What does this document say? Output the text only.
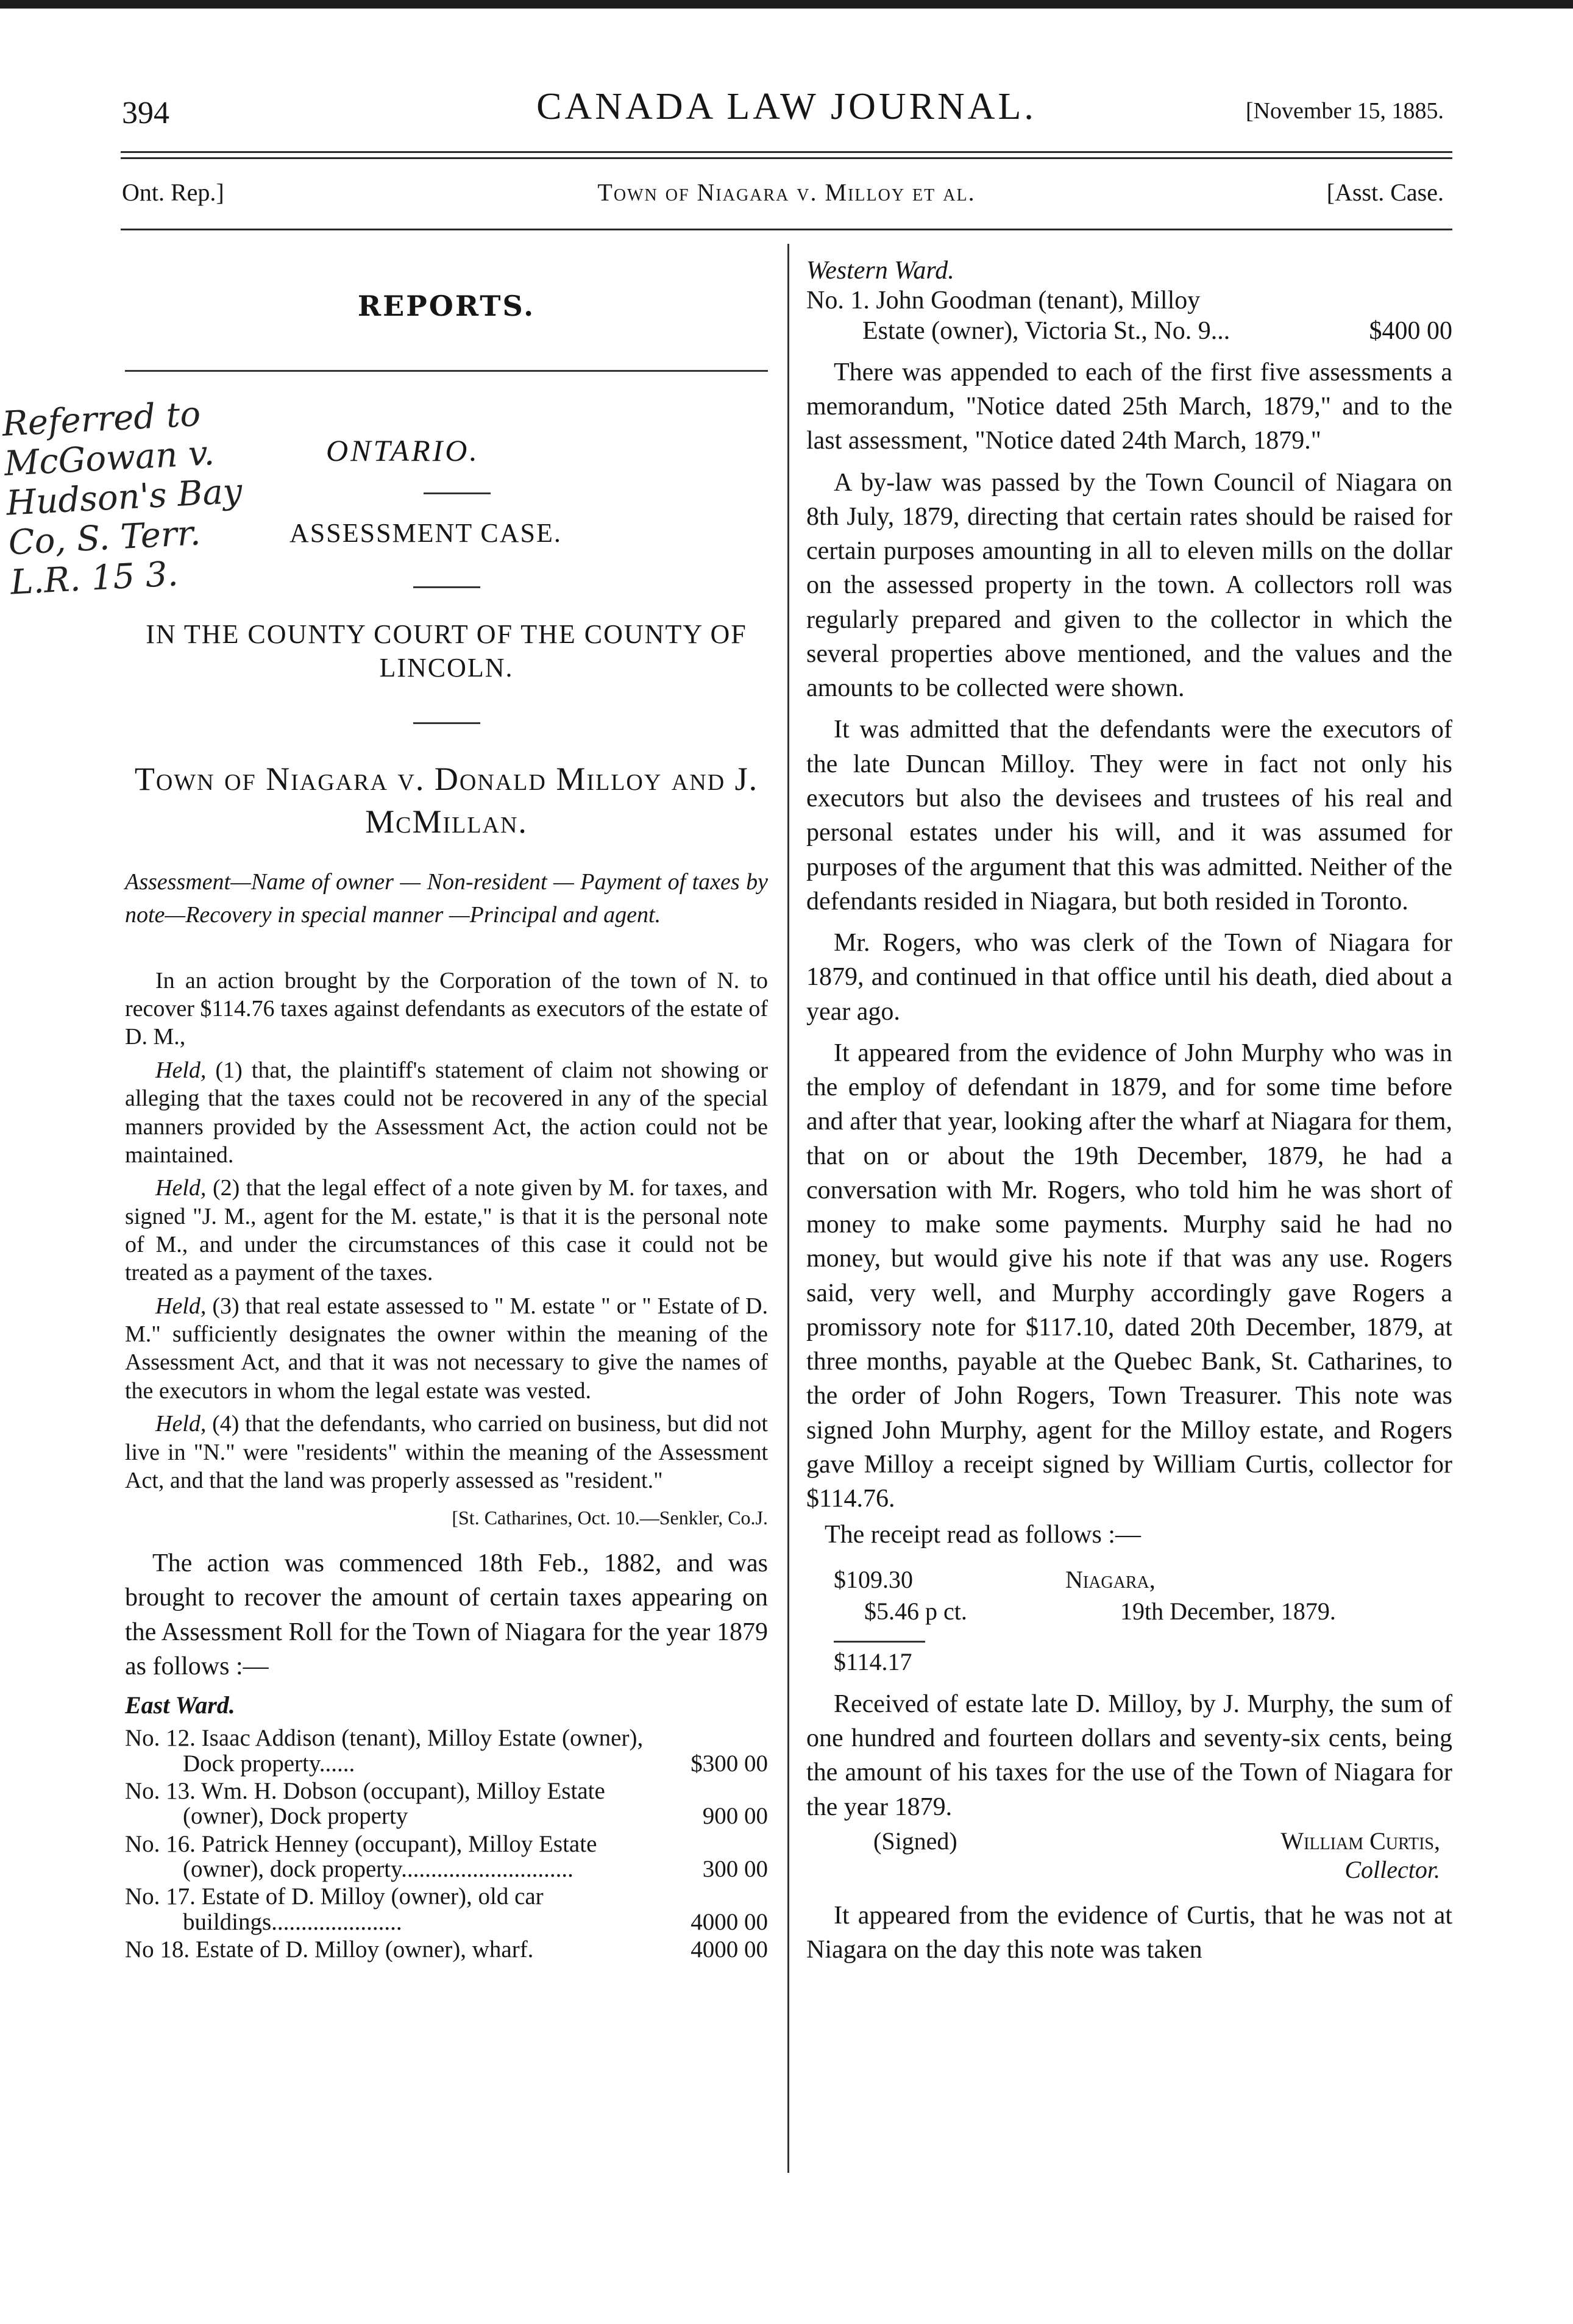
394	CANADA LAW JOURNAL.	[November 15, 1885.
Ont. Rep.]	Town of Niagara v. Milloy et al.	[Asst. Case.
Referred to
McGowan v.
Hudson's Bay
Co, S. Terr.
L.R. 15 3.
REPORTS.
ONTARIO.
ASSESSMENT CASE.
IN THE COUNTY COURT OF THE COUNTY OF LINCOLN.
Town of Niagara v. Donald Milloy and J. McMillan.
Assessment—Name of owner — Non-resident — Payment of taxes by note—Recovery in special manner —Principal and agent.

In an action brought by the Corporation of the town of N. to recover $114.76 taxes against defendants as executors of the estate of D. M.,

Held, (1) that, the plaintiff's statement of claim not showing or alleging that the taxes could not be recovered in any of the special manners provided by the Assessment Act, the action could not be maintained.

Held, (2) that the legal effect of a note given by M. for taxes, and signed "J. M., agent for the M. estate," is that it is the personal note of M., and under the circumstances of this case it could not be treated as a payment of the taxes.

Held, (3) that real estate assessed to " M. estate " or " Estate of D. M." sufficiently designates the owner within the meaning of the Assessment Act, and that it was not necessary to give the names of the executors in whom the legal estate was vested.

Held, (4) that the defendants, who carried on business, but did not live in "N." were "residents" within the meaning of the Assessment Act, and that the land was properly assessed as "resident."

[St. Catharines, Oct. 10.—Senkler, Co.J.

The action was commenced 18th Feb., 1882, and was brought to recover the amount of certain taxes appearing on the Assessment Roll for the Town of Niagara for the year 1879 as follows :—

East Ward.
No. 12. Isaac Addison (tenant), Milloy Estate (owner), Dock property......	$300 00
No. 13. Wm. H. Dobson (occupant), Milloy Estate (owner), Dock property	900 00
No. 16. Patrick Henney (occupant), Milloy Estate (owner), dock property.............................	300 00
No. 17. Estate of D. Milloy (owner), old car buildings......................	4000 00
No 18. Estate of D. Milloy (owner), wharf.	4000 00
Western Ward.
No. 1. John Goodman (tenant), Milloy
Estate (owner), Victoria St., No. 9...	$400 00

There was appended to each of the first five assessments a memorandum, "Notice dated 25th March, 1879," and to the last assessment, "Notice dated 24th March, 1879."

A by-law was passed by the Town Council of Niagara on 8th July, 1879, directing that certain rates should be raised for certain purposes amounting in all to eleven mills on the dollar on the assessed property in the town. A collectors roll was regularly prepared and given to the collector in which the several properties above mentioned, and the values and the amounts to be collected were shown.

It was admitted that the defendants were the executors of the late Duncan Milloy. They were in fact not only his executors but also the devisees and trustees of his real and personal estates under his will, and it was assumed for purposes of the argument that this was admitted. Neither of the defendants resided in Niagara, but both resided in Toronto.

Mr. Rogers, who was clerk of the Town of Niagara for 1879, and continued in that office until his death, died about a year ago.

It appeared from the evidence of John Murphy who was in the employ of defendant in 1879, and for some time before and after that year, looking after the wharf at Niagara for them, that on or about the 19th December, 1879, he had a conversation with Mr. Rogers, who told him he was short of money to make some payments. Murphy said he had no money, but would give his note if that was any use. Rogers said, very well, and Murphy accordingly gave Rogers a promissory note for $117.10, dated 20th December, 1879, at three months, payable at the Quebec Bank, St. Catharines, to the order of John Rogers, Town Treasurer. This note was signed John Murphy, agent for the Milloy estate, and Rogers gave Milloy a receipt signed by William Curtis, collector for $114.76.

The receipt read as follows :—
$109.30	Niagara,
$5.46 p ct.	19th December, 1879.
$114.17

Received of estate late D. Milloy, by J. Murphy, the sum of one hundred and fourteen dollars and seventy-six cents, being the amount of his taxes for the use of the Town of Niagara for the year 1879.

(Signed)	William Curtis,
Collector.

It appeared from the evidence of Curtis, that he was not at Niagara on the day this note was taken
